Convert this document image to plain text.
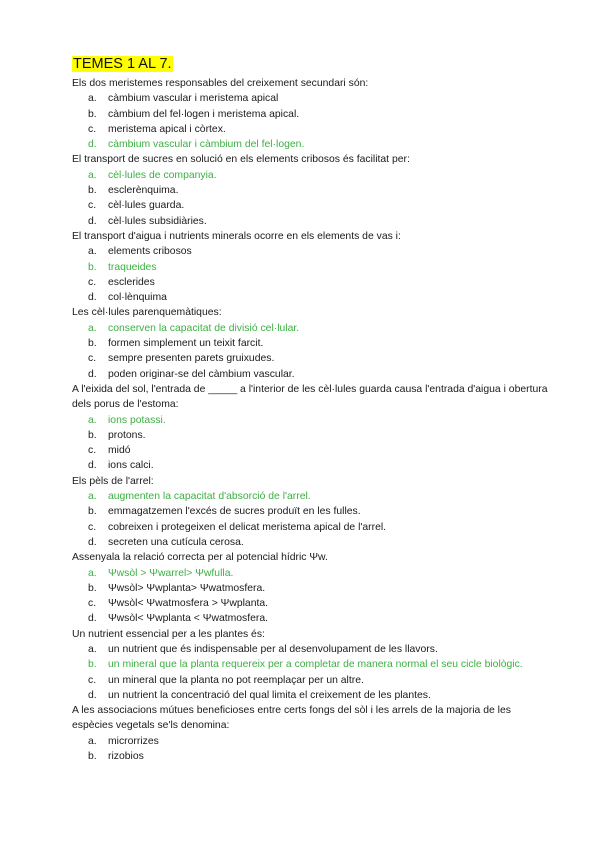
TEMES 1 AL 7.

Els dos meristemes responsables del creixement secundari són:

a. càmbium vascular i meristema apical
b. càmbium del fel·logen i meristema apical.
c. meristema apical i còrtex.
d. càmbium vascular i càmbium del fel·logen.

El transport de sucres en solució en els elements cribosos és facilitat per:

a. cèl·lules de companyia.
b. esclerènquima.
c. cèl·lules guarda.
d. cèl·lules subsidiàries.

El transport d'aigua i nutrients minerals ocorre en els elements de vas i:

a. elements cribosos
b. traqueides
c. esclerides
d. col·lènquima

Les cèl·lules parenquemàtiques:

a. conserven la capacitat de divisió cel·lular.
b. formen simplement un teixit farcit.
c. sempre presenten parets gruixudes.
d. poden originar-se del càmbium vascular.

A l'eixida del sol, l'entrada de _____ a l'interior de les cèl·lules guarda causa l'entrada d'aigua i obertura dels porus de l'estoma:

a. ions potassi.
b. protons.
c. midó
d. ions calci.

Els pèls de l'arrel:

a. augmenten la capacitat d'absorció de l'arrel.
b. emmagatzemen l'excés de sucres produït en les fulles.
c. cobreixen i protegeixen el delicat meristema apical de l'arrel.
d. secreten una cutícula cerosa.

Assenyala la relació correcta per al potencial hídric Ψw.

a. Ψwsòl > Ψwarrel> Ψwfulla.
b. Ψwsòl> Ψwplanta> Ψwatmosfera.
c. Ψwsòl< Ψwatmosfera > Ψwplanta.
d. Ψwsòl< Ψwplanta < Ψwatmosfera.

Un nutrient essencial per a les plantes és:

a. un nutrient que és indispensable per al desenvolupament de les llavors.
b. un mineral que la planta requereix per a completar de manera normal el seu cicle biològic.
c. un mineral que la planta no pot reemplaçar per un altre.
d. un nutrient la concentració del qual limita el creixement de les plantes.

A les associacions mútues beneficioses entre certs fongs del sòl i les arrels de la majoria de les espècies vegetals se'ls denomina:

a. microrrizes
b. rizobios
